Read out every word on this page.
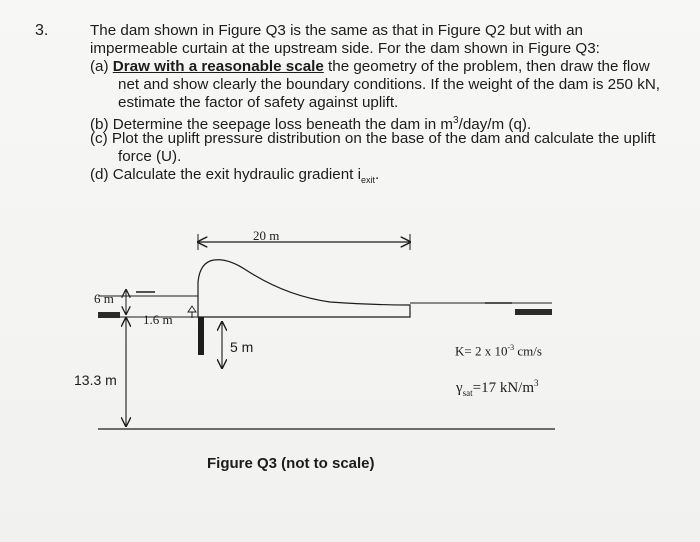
3.	The dam shown in Figure Q3 is the same as that in Figure Q2 but with an
impermeable curtain at the upstream side. For the dam shown in Figure Q3:
(a) Draw with a reasonable scale the geometry of the problem, then draw the flow
net and show clearly the boundary conditions. If the weight of the dam is 250 kN,
estimate the factor of safety against uplift.
(b) Determine the seepage loss beneath the dam in $m^3/day/m$ (q).
(c) Plot the uplift pressure distribution on the base of the dam and calculate the uplift
force (U).
(d) Calculate the exit hydraulic gradient $i_{exit}$.
20 m
6 m
1.6 m
5 m
13.3 m
K= 2 x $10^{-3}$ cm/s
$\gamma_{sat}=17$ $kN/m^3$
Figure Q3 (not to scale)
